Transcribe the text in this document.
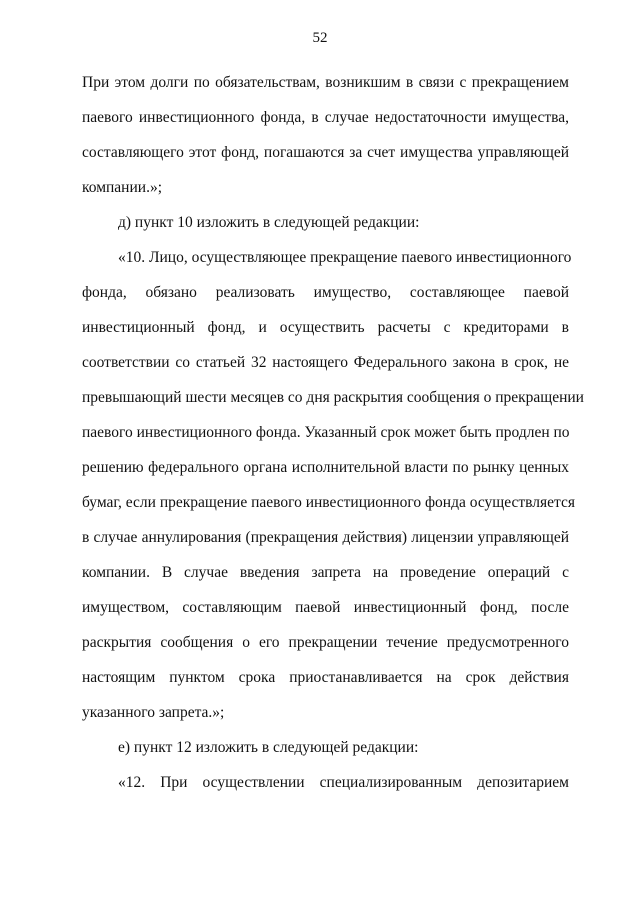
52
При этом долги по обязательствам, возникшим в связи с прекращением
паевого инвестиционного фонда, в случае недостаточности имущества,
составляющего этот фонд, погашаются за счет имущества управляющей
компании.»;
д) пункт 10 изложить в следующей редакции:
«10. Лицо, осуществляющее прекращение паевого инвестиционного
фонда, обязано реализовать имущество, составляющее паевой
инвестиционный фонд, и осуществить расчеты с кредиторами в
соответствии со статьей 32 настоящего Федерального закона в срок, не
превышающий шести месяцев со дня раскрытия сообщения о прекращении
паевого инвестиционного фонда. Указанный срок может быть продлен по
решению федерального органа исполнительной власти по рынку ценных
бумаг, если прекращение паевого инвестиционного фонда осуществляется
в случае аннулирования (прекращения действия) лицензии управляющей
компании. В случае введения запрета на проведение операций с
имуществом, составляющим паевой инвестиционный фонд, после
раскрытия сообщения о его прекращении течение предусмотренного
настоящим пунктом срока приостанавливается на срок действия
указанного запрета.»;
е) пункт 12 изложить в следующей редакции:
«12. При осуществлении специализированным депозитарием
